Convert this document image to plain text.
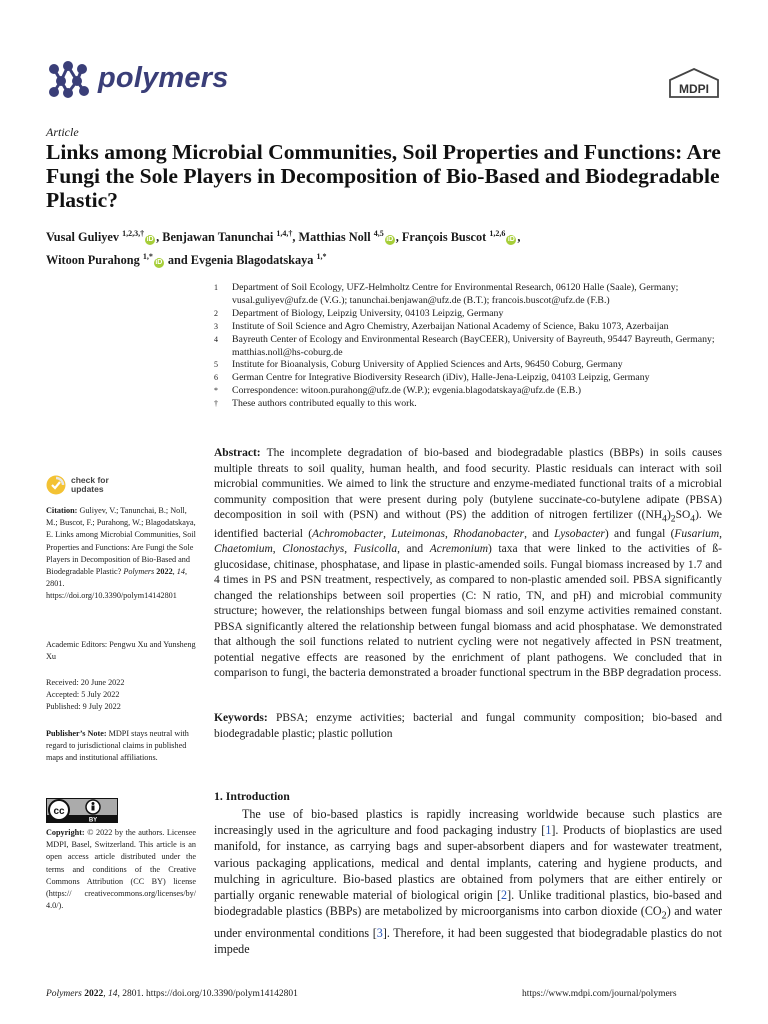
polymers	MDPI
Article
Links among Microbial Communities, Soil Properties and Functions: Are Fungi the Sole Players in Decomposition of Bio-Based and Biodegradable Plastic?
Vusal Guliyev $^{1,2,3,\dagger}$iD , Benjawan Tanunchai $^{1,4,\dagger}$, Matthias Noll $^{4,5}$iD , François Buscot $^{1,2,6}$iD ,
Witoon Purahong $^{1,*}$iD and Evgenia Blagodatskaya $^{1,*}$
1	Department of Soil Ecology, UFZ-Helmholtz Centre for Environmental Research, 06120 Halle (Saale), Germany; vusal.guliyev@ufz.de (V.G.); tanunchai.benjawan@ufz.de (B.T.); francois.buscot@ufz.de (F.B.)
2	Department of Biology, Leipzig University, 04103 Leipzig, Germany
3	Institute of Soil Science and Agro Chemistry, Azerbaijan National Academy of Science, Baku 1073, Azerbaijan
4	Bayreuth Center of Ecology and Environmental Research (BayCEER), University of Bayreuth, 95447 Bayreuth, Germany; matthias.noll@hs-coburg.de
5	Institute for Bioanalysis, Coburg University of Applied Sciences and Arts, 96450 Coburg, Germany
6	German Centre for Integrative Biodiversity Research (iDiv), Halle-Jena-Leipzig, 04103 Leipzig, Germany
*	Correspondence: witoon.purahong@ufz.de (W.P.); evgenia.blagodatskaya@ufz.de (E.B.)
†	These authors contributed equally to this work.
check for
updates
Citation: Guliyev, V.; Tanunchai, B.; Noll, M.; Buscot, F.; Purahong, W.; Blagodatskaya, E. Links among Microbial Communities, Soil Properties and Functions: Are Fungi the Sole Players in Decomposition of Bio-Based and Biodegradable Plastic? Polymers 2022, 14, 2801. https://doi.org/10.3390/polym14142801
Academic Editors: Pengwu Xu and Yunsheng Xu
Received: 20 June 2022
Accepted: 5 July 2022
Published: 9 July 2022
Publisher’s Note: MDPI stays neutral with regard to jurisdictional claims in published maps and institutional affiliations.
cc
BY
Copyright: © 2022 by the authors. Licensee MDPI, Basel, Switzerland. This article is an open access article distributed under the terms and conditions of the Creative Commons Attribution (CC BY) license (https:// creativecommons.org/licenses/by/ 4.0/).
Abstract: The incomplete degradation of bio-based and biodegradable plastics (BBPs) in soils causes multiple threats to soil quality, human health, and food security. Plastic residuals can interact with soil microbial communities. We aimed to link the structure and enzyme-mediated functional traits of a microbial community composition that were present during poly (butylene succinate-co-butylene adipate (PBSA) decomposition in soil with (PSN) and without (PS) the addition of nitrogen fertilizer $((NH_4)_2SO_4)$. We identified bacterial (Achromobacter, Luteimonas, Rhodanobacter, and Lysobacter) and fungal (Fusarium, Chaetomium, Clonostachys, Fusicolla, and Acremonium) taxa that were linked to the activities of ß-glucosidase, chitinase, phosphatase, and lipase in plastic-amended soils. Fungal biomass increased by 1.7 and 4 times in PS and PSN treatment, respectively, as compared to non-plastic amended soil. PBSA significantly changed the relationships between soil properties (C: N ratio, TN, and pH) and microbial community structure; however, the relationships between fungal biomass and soil enzyme activities remained constant. PBSA significantly altered the relationship between fungal biomass and acid phosphatase. We demonstrated that although the soil functions related to nutrient cycling were not negatively affected in PSN treatment, potential negative effects are reasoned by the enrichment of plant pathogens. We concluded that in comparison to fungi, the bacteria demonstrated a broader functional spectrum in the BBP degradation process.
Keywords: PBSA; enzyme activities; bacterial and fungal community composition; bio-based and biodegradable plastic; plastic pollution
1. Introduction

The use of bio-based plastics is rapidly increasing worldwide because such plastics are increasingly used in the agriculture and food packaging industry [1]. Products of bioplastics are used manifold, for instance, as carrying bags and super-absorbent diapers and for wastewater treatment, various packaging applications, medical and dental implants, catering and hygiene products, and mulching in agriculture. Bio-based plastics are obtained from polymers that are either entirely or partially organic renewable material of biological origin [2]. Unlike traditional plastics, bio-based and biodegradable plastics (BBPs) are metabolized by microorganisms into carbon dioxide $(CO_2)$ and water under environmental conditions [3]. Therefore, it had been suggested that biodegradable plastics do not impede

Polymers 2022, 14, 2801. https://doi.org/10.3390/polym14142801	https://www.mdpi.com/journal/polymers
